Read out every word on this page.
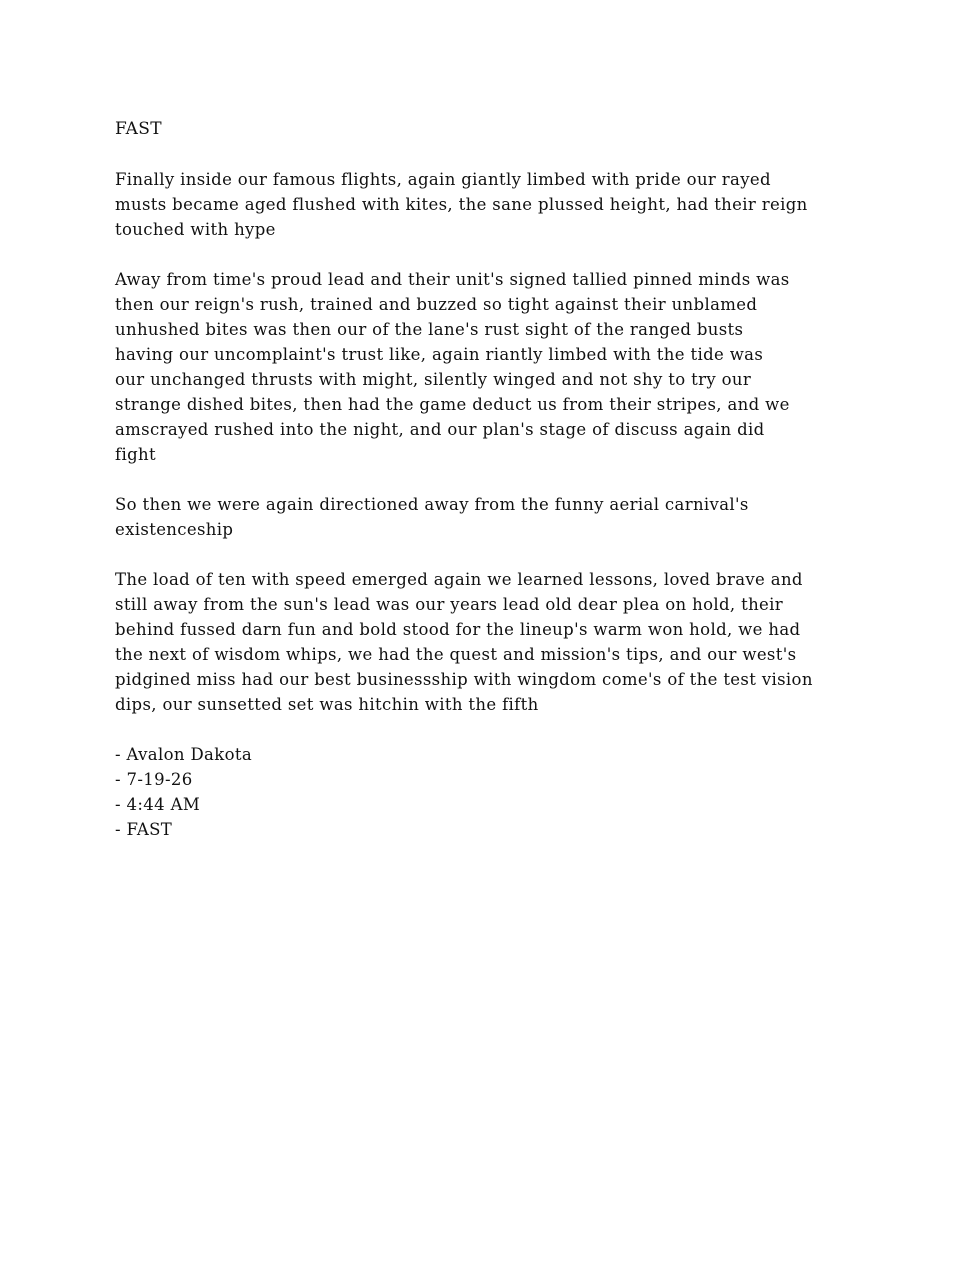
FAST
Finally inside our famous flights, again giantly limbed with pride our rayed
musts became aged flushed with kites, the sane plussed height, had their reign
touched with hype
Away from time's proud lead and their unit's signed tallied pinned minds was
then our reign's rush, trained and buzzed so tight against their unblamed
unhushed bites was then our of the lane's rust sight of the ranged busts
having our uncomplaint's trust like, again riantly limbed with the tide was
our unchanged thrusts with might, silently winged and not shy to try our
strange dished bites, then had the game deduct us from their stripes, and we
amscrayed rushed into the night, and our plan's stage of discuss again did
fight
So then we were again directioned away from the funny aerial carnival's
existenceship
The load of ten with speed emerged again we learned lessons, loved brave and
still away from the sun's lead was our years lead old dear plea on hold, their
behind fussed darn fun and bold stood for the lineup's warm won hold, we had
the next of wisdom whips, we had the quest and mission's tips, and our west's
pidgined miss had our best businessship with wingdom come's of the test vision
dips, our sunsetted set was hitchin with the fifth
- Avalon Dakota
- 7-19-26
- 4:44 AM
- FAST
